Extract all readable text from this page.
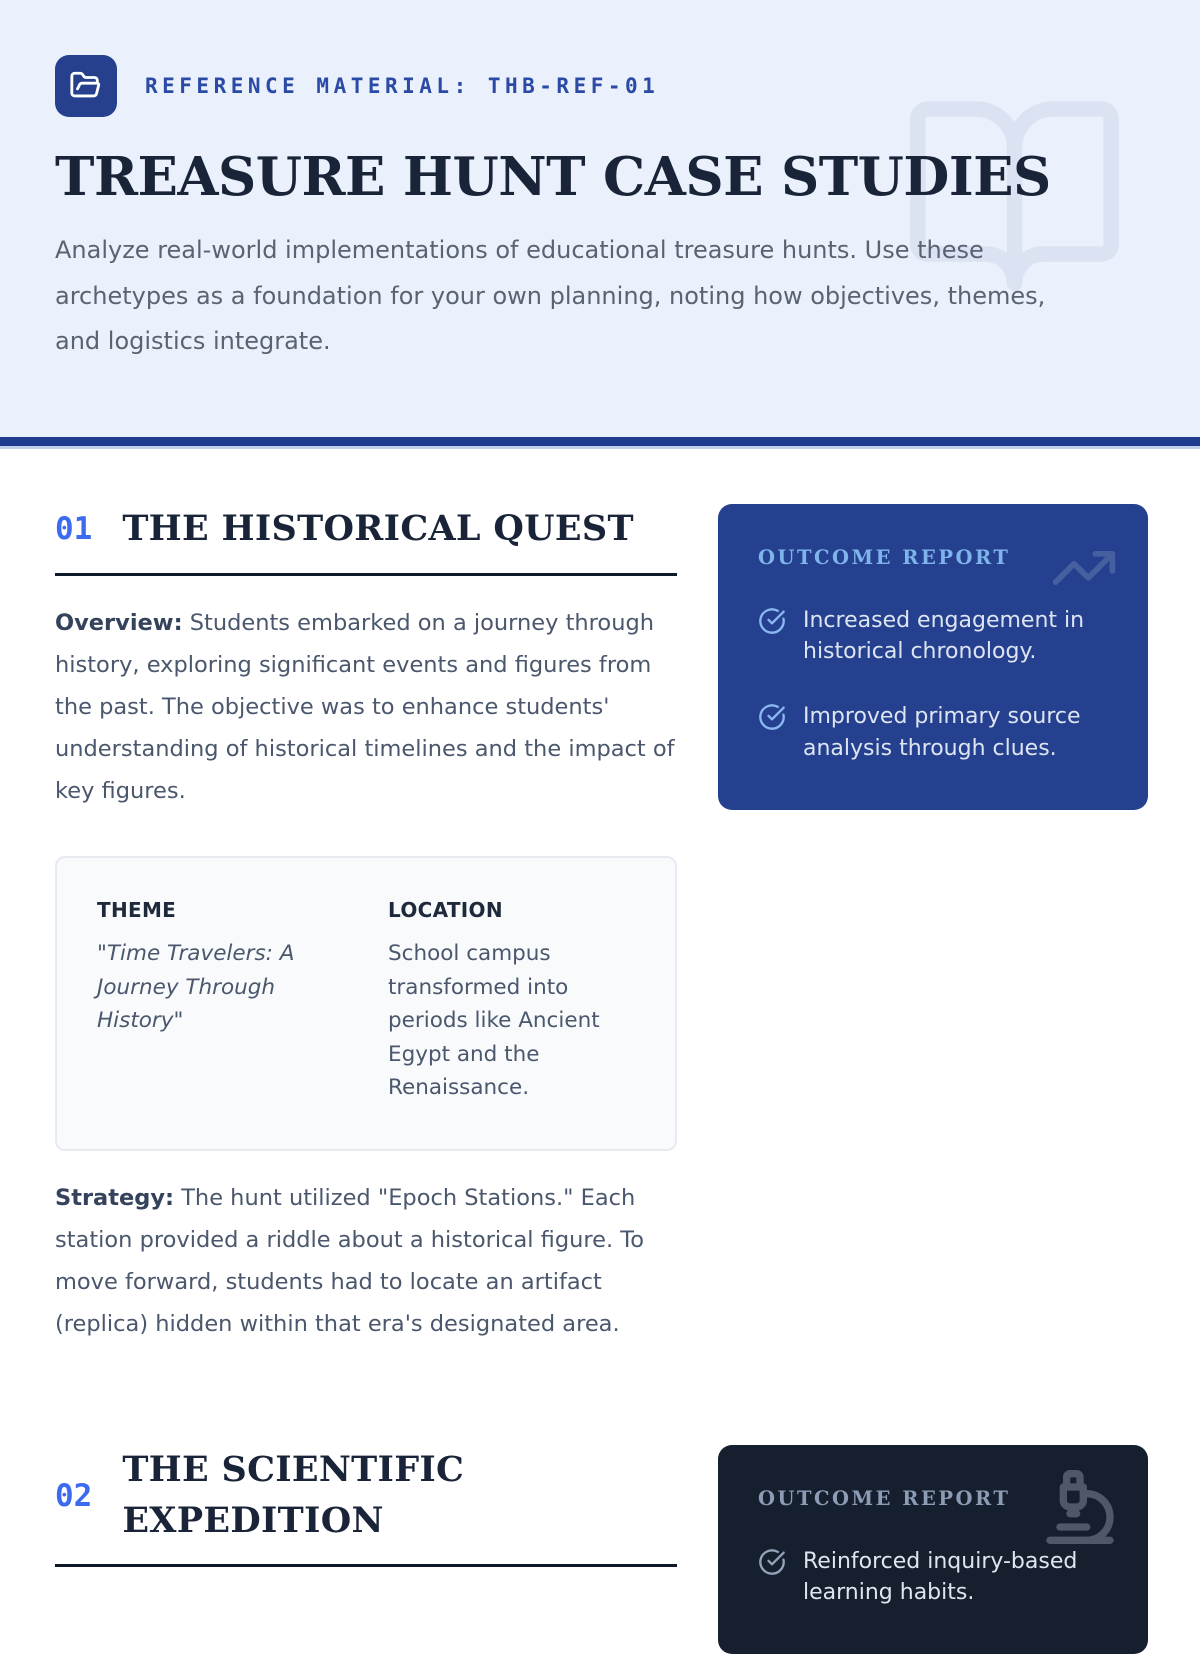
REFERENCE MATERIAL: THB-REF-01
TREASURE HUNT CASE STUDIES

Analyze real-world implementations of educational treasure hunts. Use these archetypes as a foundation for your own planning, noting how objectives, themes, and logistics integrate.

01 THE HISTORICAL QUEST

Overview: Students embarked on a journey through history, exploring significant events and figures from the past. The objective was to enhance students' understanding of historical timelines and the impact of key figures.

THEME

"Time Travelers: A Journey Through History"

LOCATION

School campus transformed into periods like Ancient Egypt and the Renaissance.

Strategy: The hunt utilized "Epoch Stations." Each station provided a riddle about a historical figure. To move forward, students had to locate an artifact (replica) hidden within that era's designated area.

OUTCOME REPORT
Increased engagement in historical chronology.
Improved primary source analysis through clues.
02
THE SCIENTIFIC EXPEDITION
OUTCOME REPORT
Reinforced inquiry-based learning habits.
